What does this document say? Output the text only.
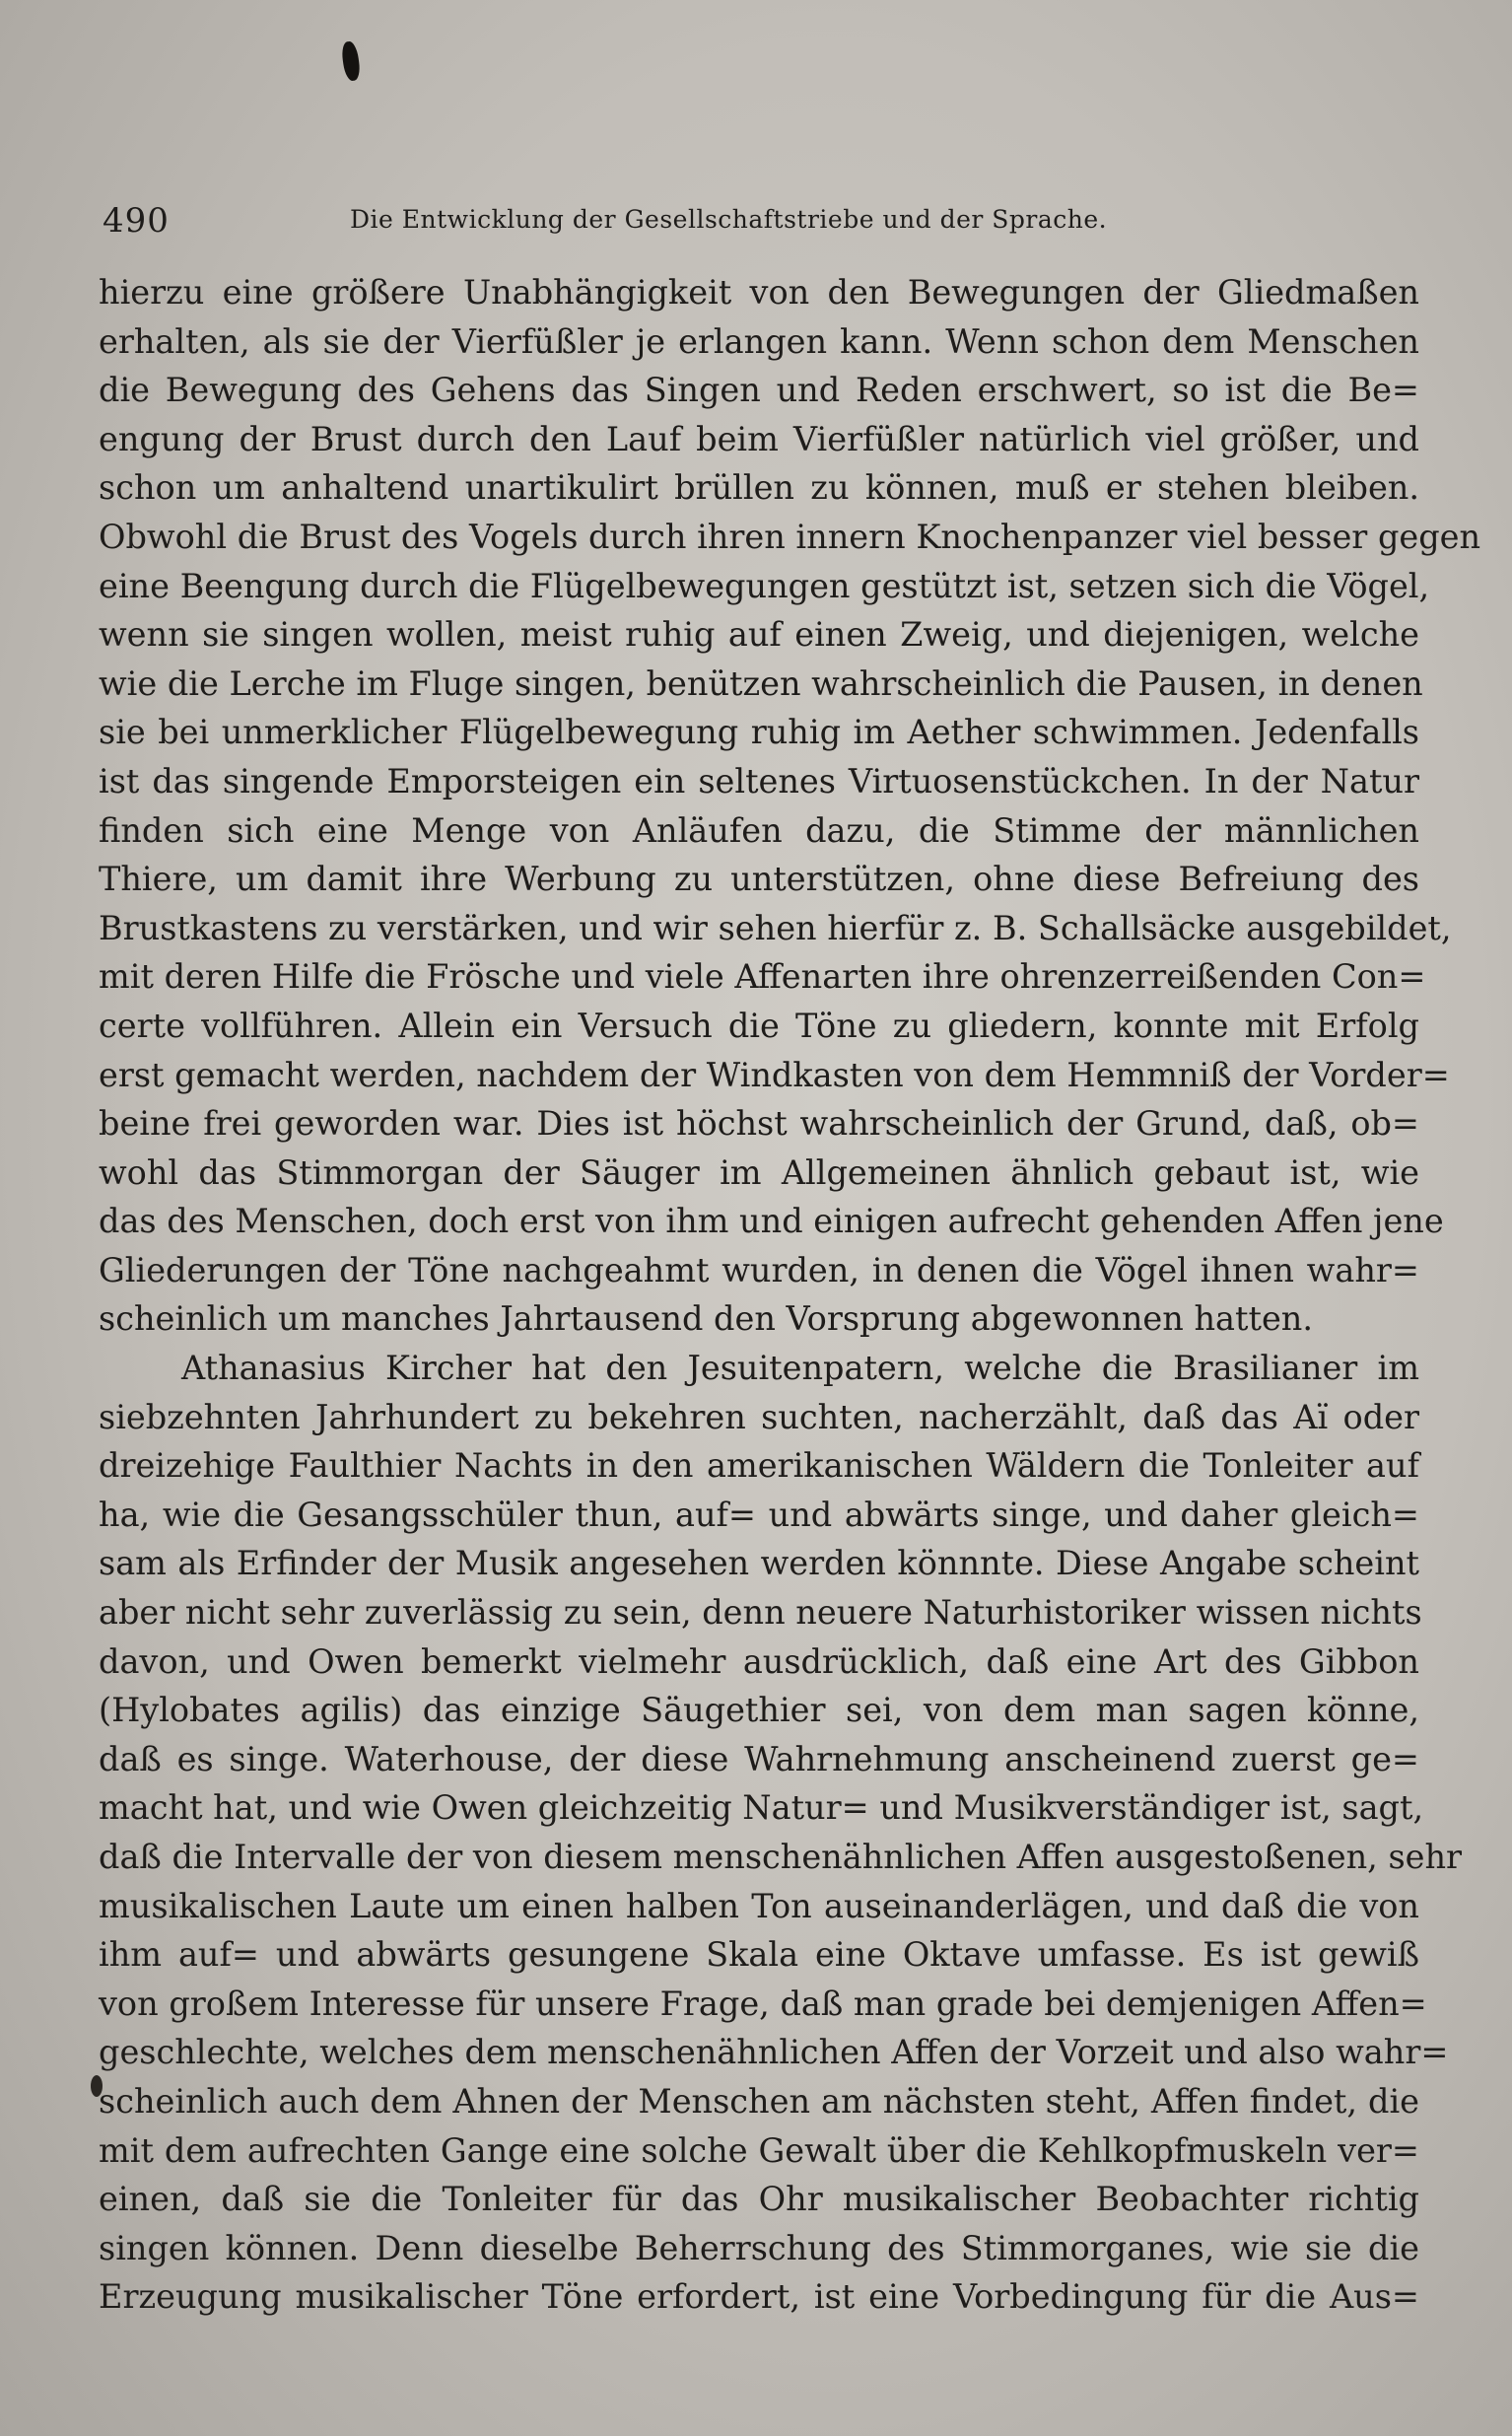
490	Die Entwicklung der Gesellschaftstriebe und der Sprache.
hierzu eine größere Unabhängigkeit von den Bewegungen der Gliedmaßen
erhalten, als sie der Vierfüßler je erlangen kann. Wenn schon dem Menschen
die Bewegung des Gehens das Singen und Reden erschwert, so ist die Be=
engung der Brust durch den Lauf beim Vierfüßler natürlich viel größer, und
schon um anhaltend unartikulirt brüllen zu können, muß er stehen bleiben.
Obwohl die Brust des Vogels durch ihren innern Knochenpanzer viel besser gegen
eine Beengung durch die Flügelbewegungen gestützt ist, setzen sich die Vögel,
wenn sie singen wollen, meist ruhig auf einen Zweig, und diejenigen, welche
wie die Lerche im Fluge singen, benützen wahrscheinlich die Pausen, in denen
sie bei unmerklicher Flügelbewegung ruhig im Aether schwimmen. Jedenfalls
ist das singende Emporsteigen ein seltenes Virtuosenstückchen. In der Natur
finden sich eine Menge von Anläufen dazu, die Stimme der männlichen
Thiere, um damit ihre Werbung zu unterstützen, ohne diese Befreiung des
Brustkastens zu verstärken, und wir sehen hierfür z. B. Schallsäcke ausgebildet,
mit deren Hilfe die Frösche und viele Affenarten ihre ohrenzerreißenden Con=
certe vollführen. Allein ein Versuch die Töne zu gliedern, konnte mit Erfolg
erst gemacht werden, nachdem der Windkasten von dem Hemmniß der Vorder=
beine frei geworden war. Dies ist höchst wahrscheinlich der Grund, daß, ob=
wohl das Stimmorgan der Säuger im Allgemeinen ähnlich gebaut ist, wie
das des Menschen, doch erst von ihm und einigen aufrecht gehenden Affen jene
Gliederungen der Töne nachgeahmt wurden, in denen die Vögel ihnen wahr=
scheinlich um manches Jahrtausend den Vorsprung abgewonnen hatten.
Athanasius Kircher hat den Jesuitenpatern, welche die Brasilianer im
siebzehnten Jahrhundert zu bekehren suchten, nacherzählt, daß das Aï oder
dreizehige Faulthier Nachts in den amerikanischen Wäldern die Tonleiter auf
ha, wie die Gesangsschüler thun, auf= und abwärts singe, und daher gleich=
sam als Erfinder der Musik angesehen werden könnnte. Diese Angabe scheint
aber nicht sehr zuverlässig zu sein, denn neuere Naturhistoriker wissen nichts
davon, und Owen bemerkt vielmehr ausdrücklich, daß eine Art des Gibbon
(Hylobates agilis) das einzige Säugethier sei, von dem man sagen könne,
daß es singe. Waterhouse, der diese Wahrnehmung anscheinend zuerst ge=
macht hat, und wie Owen gleichzeitig Natur= und Musikverständiger ist, sagt,
daß die Intervalle der von diesem menschenähnlichen Affen ausgestoßenen, sehr
musikalischen Laute um einen halben Ton auseinanderlägen, und daß die von
ihm auf= und abwärts gesungene Skala eine Oktave umfasse. Es ist gewiß
von großem Interesse für unsere Frage, daß man grade bei demjenigen Affen=
geschlechte, welches dem menschenähnlichen Affen der Vorzeit und also wahr=
scheinlich auch dem Ahnen der Menschen am nächsten steht, Affen findet, die
mit dem aufrechten Gange eine solche Gewalt über die Kehlkopfmuskeln ver=
einen, daß sie die Tonleiter für das Ohr musikalischer Beobachter richtig
singen können. Denn dieselbe Beherrschung des Stimmorganes, wie sie die
Erzeugung musikalischer Töne erfordert, ist eine Vorbedingung für die Aus=
